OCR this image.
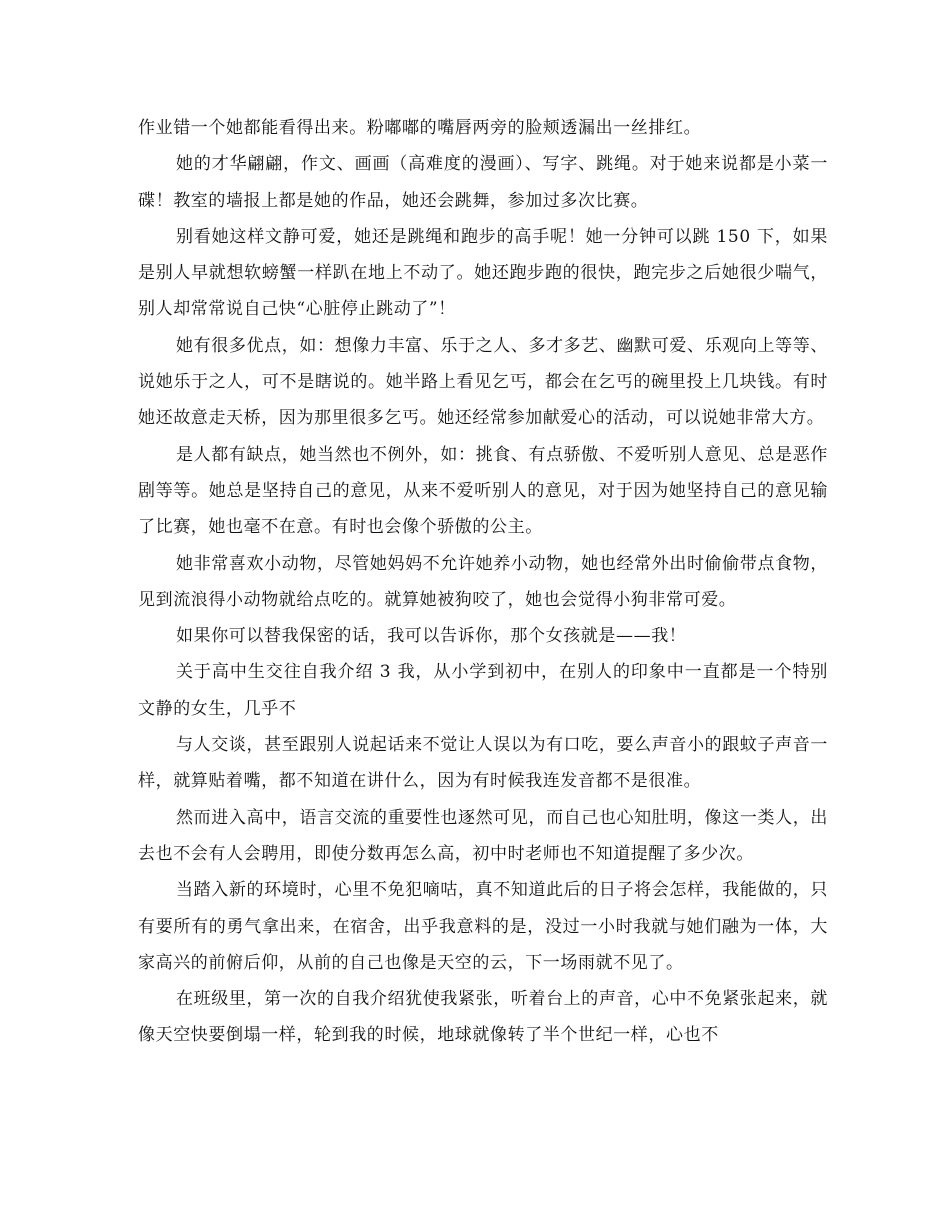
作业错一个她都能看得出来。粉嘟嘟的嘴唇两旁的脸颊透漏出一丝排红。

她的才华翩翩，作文、画画（高难度的漫画）、写字、跳绳。对于她来说都是小菜一碟！教室的墙报上都是她的作品，她还会跳舞，参加过多次比赛。

别看她这样文静可爱，她还是跳绳和跑步的高手呢！她一分钟可以跳 150 下，如果是别人早就想软螃蟹一样趴在地上不动了。她还跑步跑的很快，跑完步之后她很少喘气，别人却常常说自己快“心脏停止跳动了”！

她有很多优点，如：想像力丰富、乐于之人、多才多艺、幽默可爱、乐观向上等等、说她乐于之人，可不是瞎说的。她半路上看见乞丐，都会在乞丐的碗里投上几块钱。有时她还故意走天桥，因为那里很多乞丐。她还经常参加献爱心的活动，可以说她非常大方。

是人都有缺点，她当然也不例外，如：挑食、有点骄傲、不爱听别人意见、总是恶作剧等等。她总是坚持自己的意见，从来不爱听别人的意见，对于因为她坚持自己的意见输了比赛，她也毫不在意。有时也会像个骄傲的公主。

她非常喜欢小动物，尽管她妈妈不允许她养小动物，她也经常外出时偷偷带点食物，见到流浪得小动物就给点吃的。就算她被狗咬了，她也会觉得小狗非常可爱。

如果你可以替我保密的话，我可以告诉你，那个女孩就是——我！

关于高中生交往自我介绍 3 我，从小学到初中，在别人的印象中一直都是一个特别文静的女生，几乎不

与人交谈，甚至跟别人说起话来不觉让人误以为有口吃，要么声音小的跟蚊子声音一样，就算贴着嘴，都不知道在讲什么，因为有时候我连发音都不是很准。

然而进入高中，语言交流的重要性也逐然可见，而自己也心知肚明，像这一类人，出去也不会有人会聘用，即使分数再怎么高，初中时老师也不知道提醒了多少次。

当踏入新的环境时，心里不免犯嘀咕，真不知道此后的日子将会怎样，我能做的，只有要所有的勇气拿出来，在宿舍，出乎我意料的是，没过一小时我就与她们融为一体，大家高兴的前俯后仰，从前的自己也像是天空的云，下一场雨就不见了。

在班级里，第一次的自我介绍犹使我紧张，听着台上的声音，心中不免紧张起来，就像天空快要倒塌一样，轮到我的时候，地球就像转了半个世纪一样，心也不
